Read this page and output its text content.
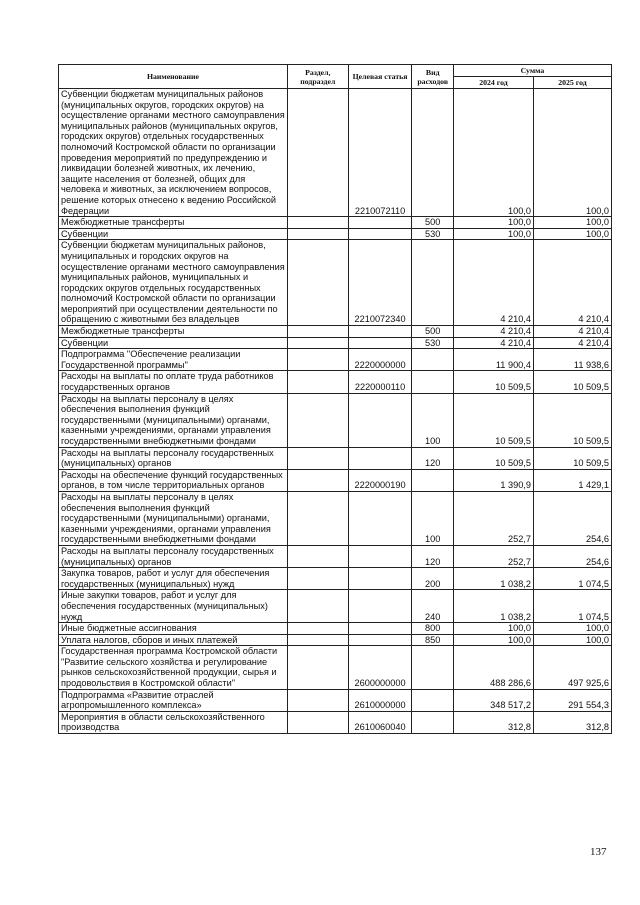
Наименование	Раздел, подраздел	Целевая статья	Вид расходов	Сумма	
				2024 год	2025 год
Субвенции бюджетам муниципальных районов (муниципальных округов, городских округов) на осуществление органами местного самоуправления муниципальных районов (муниципальных округов, городских округов) отдельных государственных полномочий Костромской области по организации проведения мероприятий по предупреждению и ликвидации болезней животных, их лечению, защите населения от болезней, общих для человека и животных, за исключением вопросов, решение которых отнесено к ведению Российской Федерации		2210072110		100,0	100,0
Межбюджетные трансферты			500	100,0	100,0
Субвенции			530	100,0	100,0
Субвенции бюджетам муниципальных районов, муниципальных и городских округов на осуществление органами местного самоуправления муниципальных районов, муниципальных и городских округов отдельных государственных полномочий Костромской области по организации мероприятий при осуществлении деятельности по обращению с животными без владельцев		2210072340		4 210,4	4 210,4
Межбюджетные трансферты			500	4 210,4	4 210,4
Субвенции			530	4 210,4	4 210,4
Подпрограмма "Обеспечение реализации Государственной программы"		2220000000		11 900,4	11 938,6
Расходы на выплаты по оплате труда работников государственных органов		2220000110		10 509,5	10 509,5
Расходы на выплаты персоналу в целях обеспечения выполнения функций государственными (муниципальными) органами, казенными учреждениями, органами управления государственными внебюджетными фондами			100	10 509,5	10 509,5
Расходы на выплаты персоналу государственных (муниципальных) органов			120	10 509,5	10 509,5
Расходы на обеспечение функций государственных органов, в том числе территориальных органов		2220000190		1 390,9	1 429,1
Расходы на выплаты персоналу в целях обеспечения выполнения функций государственными (муниципальными) органами, казенными учреждениями, органами управления государственными внебюджетными фондами			100	252,7	254,6
Расходы на выплаты персоналу государственных (муниципальных) органов			120	252,7	254,6
Закупка товаров, работ и услуг для обеспечения государственных (муниципальных) нужд			200	1 038,2	1 074,5
Иные закупки товаров, работ и услуг для обеспечения государственных (муниципальных) нужд			240	1 038,2	1 074,5
Иные бюджетные ассигнования			800	100,0	100,0
Уплата налогов, сборов и иных платежей			850	100,0	100,0
Государственная программа Костромской области "Развитие сельского хозяйства и регулирование рынков сельскохозяйственной продукции, сырья и продовольствия в Костромской области"		2600000000		488 286,6	497 925,6
Подпрограмма «Развитие отраслей агропромышленного комплекса»		2610000000		348 517,2	291 554,3
Мероприятия в области сельскохозяйственного производства		2610060040		312,8	312,8
137
